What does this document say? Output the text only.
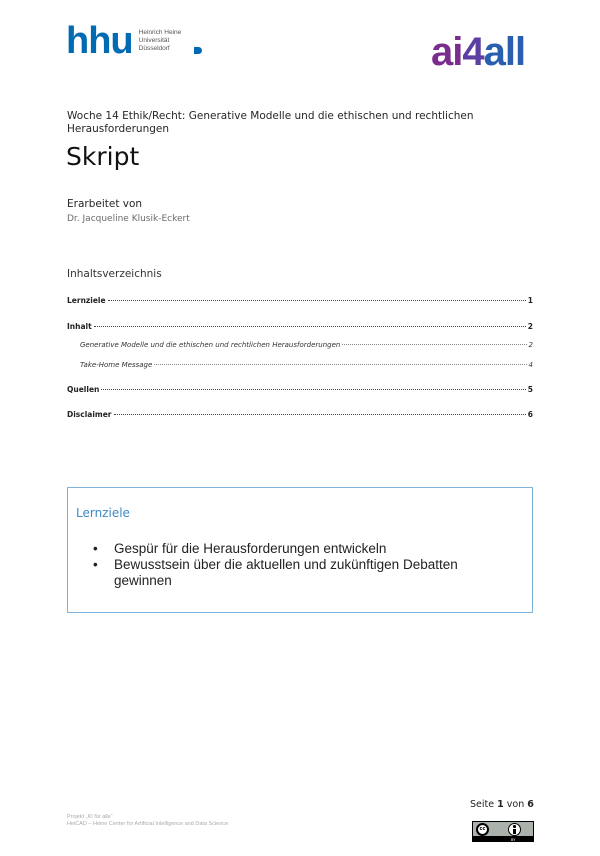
hhu Heinrich Heine
Universität
Düsseldorf	ai 4 all
Woche 14 Ethik/Recht: Generative Modelle und die ethischen und rechtlichen Herausforderungen
Skript
Erarbeitet von
Dr. Jacqueline Klusik-Eckert
Inhaltsverzeichnis
Lernziele	1
Inhalt	2
Generative Modelle und die ethischen und rechtlichen Herausforderungen	2
Take-Home Message	4
Quellen	5
Disclaimer	6
Lernziele
• Gespür für die Herausforderungen entwickeln
• Bewusstsein über die aktuellen und zukünftigen Debatten gewinnen
Projekt „KI für alle“
HeiCAD – Heine Center for Artificial Intelligence and Data Science
Seite 1 von 6
cc
BY
